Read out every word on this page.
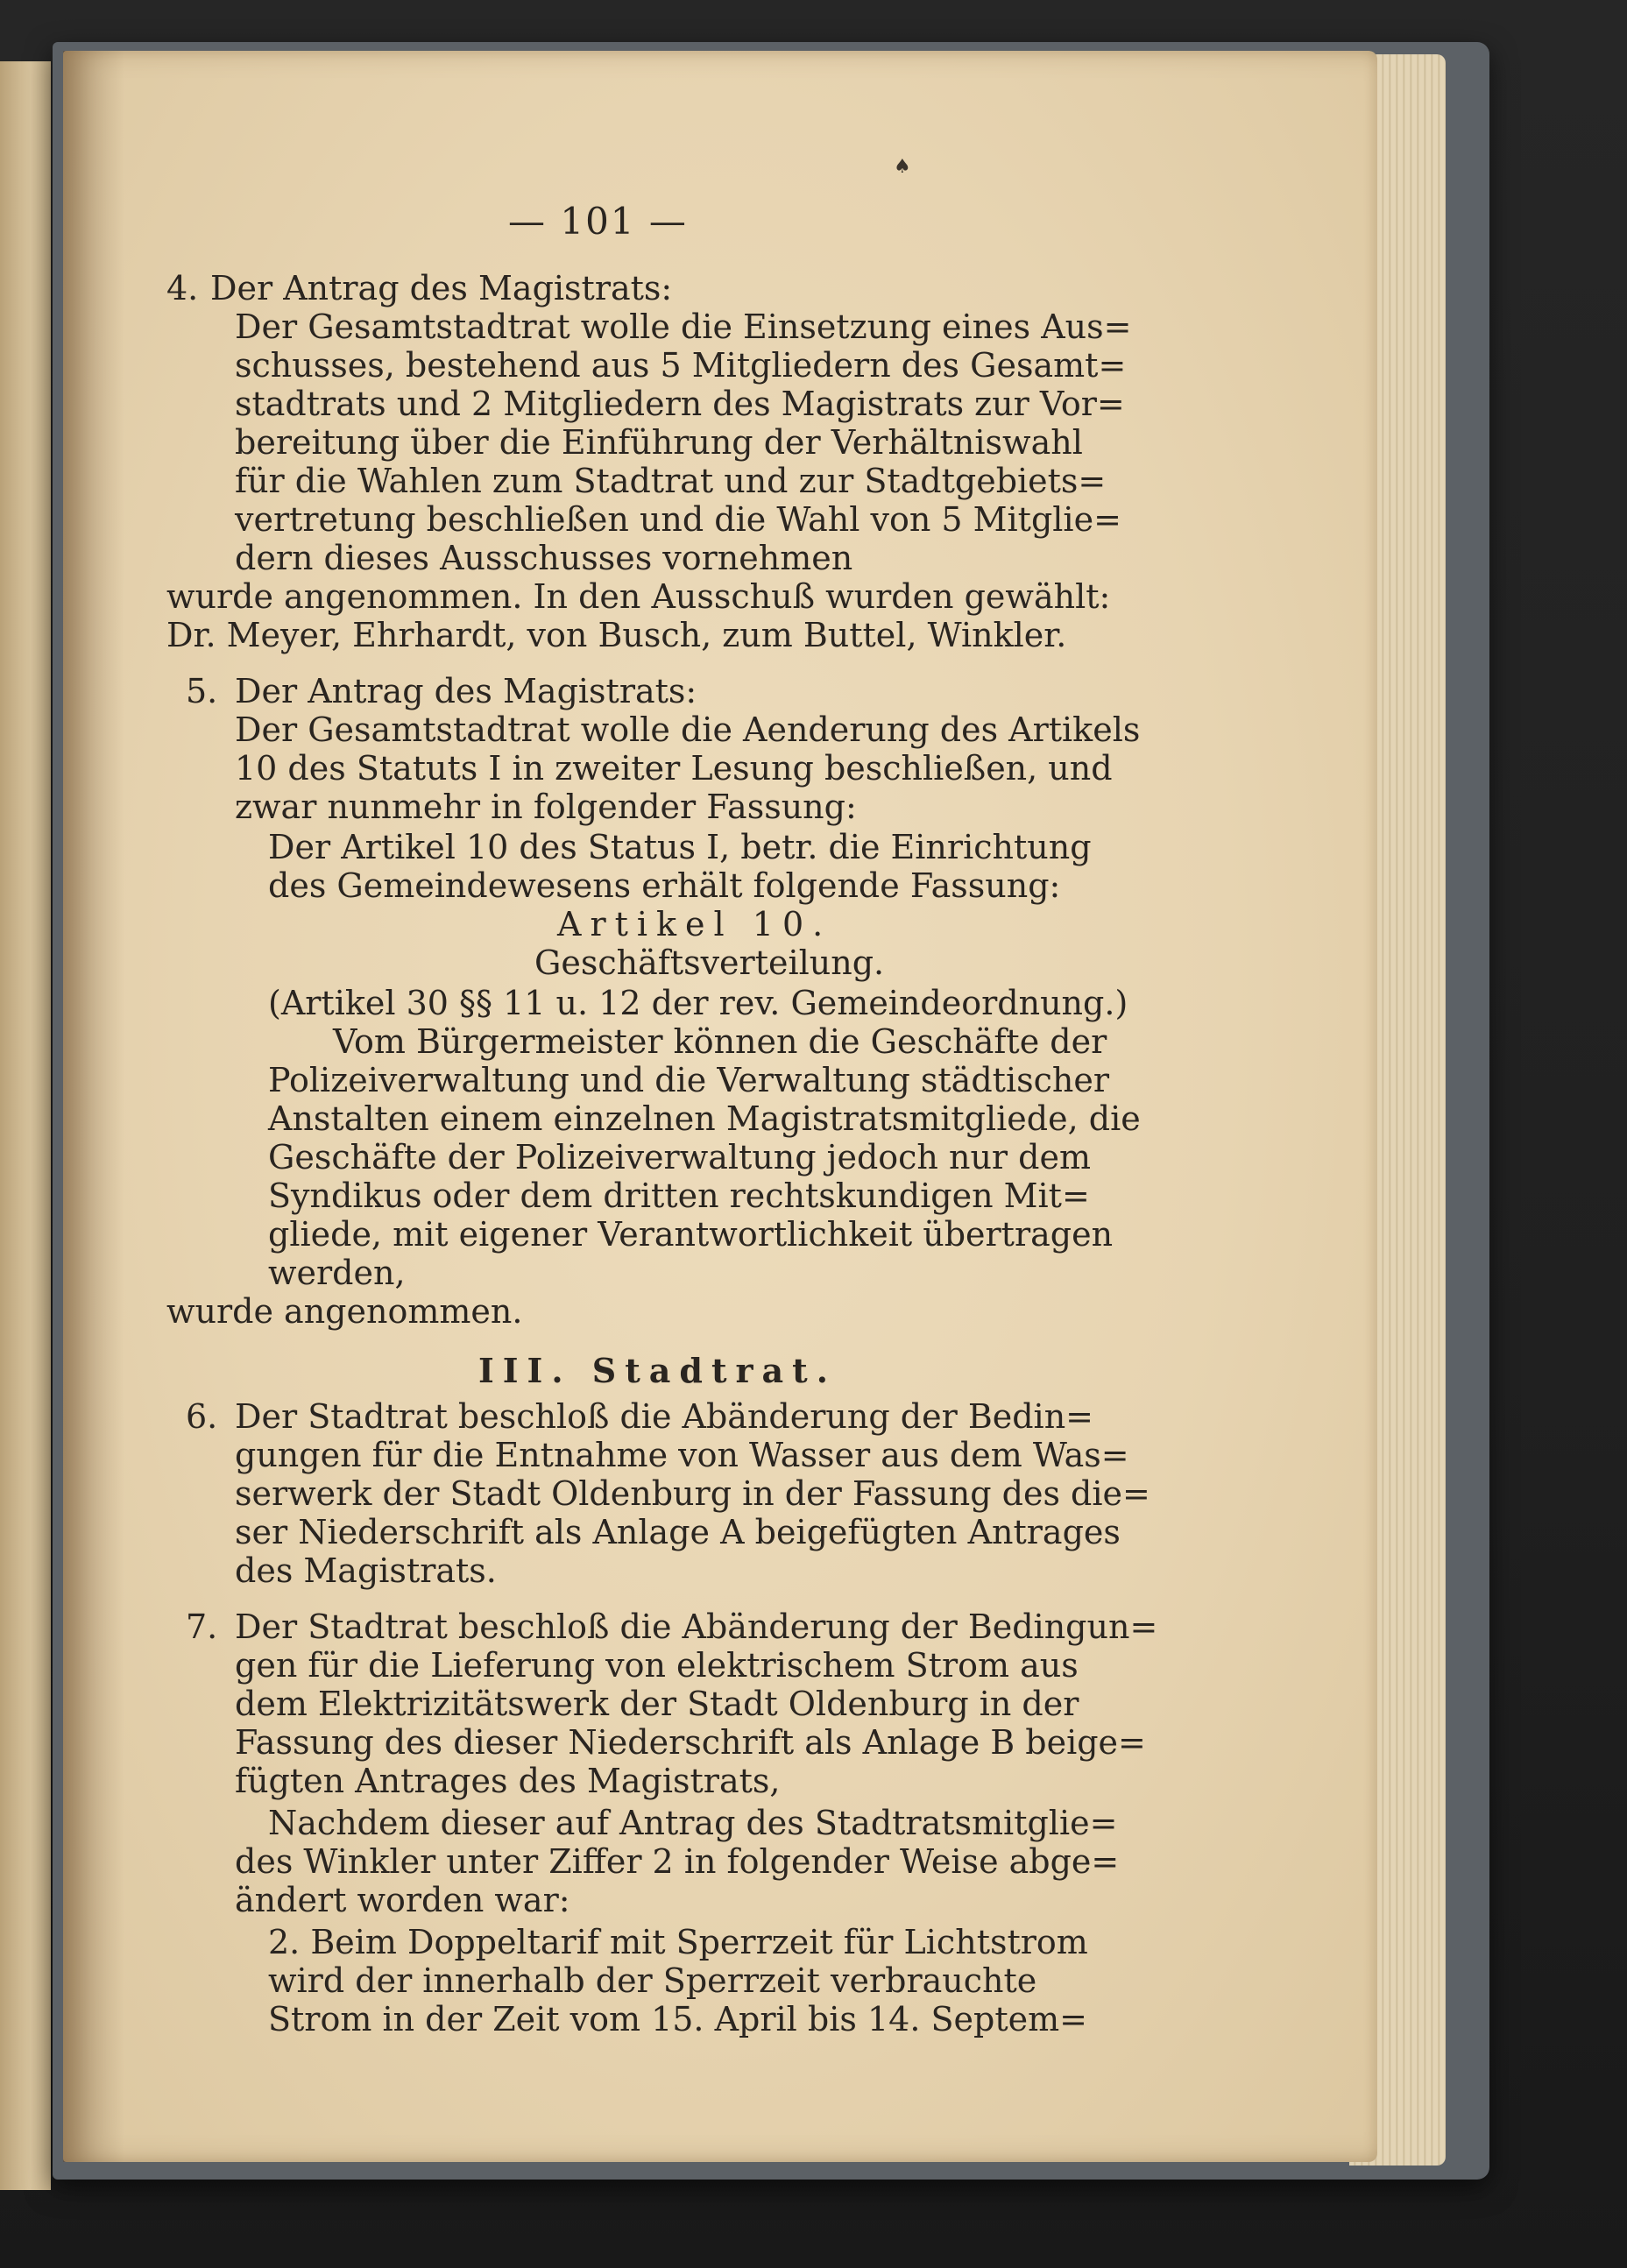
♠
— 101 —
4. Der Antrag des Magistrats:
Der Gesamtstadtrat wolle die Einsetzung eines Aus=
schusses, bestehend aus 5 Mitgliedern des Gesamt=
stadtrats und 2 Mitgliedern des Magistrats zur Vor=
bereitung über die Einführung der Verhältniswahl
für die Wahlen zum Stadtrat und zur Stadtgebiets=
vertretung beschließen und die Wahl von 5 Mitglie=
dern dieses Ausschusses vornehmen
wurde angenommen. In den Ausschuß wurden gewählt:
Dr. Meyer, Ehrhardt, von Busch, zum Buttel, Winkler.
5. Der Antrag des Magistrats:
Der Gesamtstadtrat wolle die Aenderung des Artikels
10 des Statuts I in zweiter Lesung beschließen, und
zwar nunmehr in folgender Fassung:
Der Artikel 10 des Status I, betr. die Einrichtung
des Gemeindewesens erhält folgende Fassung:
Artikel 10.
Geschäftsverteilung.
(Artikel 30 §§ 11 u. 12 der rev. Gemeindeordnung.)
Vom Bürgermeister können die Geschäfte der
Polizeiverwaltung und die Verwaltung städtischer
Anstalten einem einzelnen Magistratsmitgliede, die
Geschäfte der Polizeiverwaltung jedoch nur dem
Syndikus oder dem dritten rechtskundigen Mit=
gliede, mit eigener Verantwortlichkeit übertragen
werden,
wurde angenommen.
III. Stadtrat.
6. Der Stadtrat beschloß die Abänderung der Bedin=
gungen für die Entnahme von Wasser aus dem Was=
serwerk der Stadt Oldenburg in der Fassung des die=
ser Niederschrift als Anlage A beigefügten Antrages
des Magistrats.
7. Der Stadtrat beschloß die Abänderung der Bedingun=
gen für die Lieferung von elektrischem Strom aus
dem Elektrizitätswerk der Stadt Oldenburg in der
Fassung des dieser Niederschrift als Anlage B beige=
fügten Antrages des Magistrats,
Nachdem dieser auf Antrag des Stadtratsmitglie=
des Winkler unter Ziffer 2 in folgender Weise abge=
ändert worden war:
2. Beim Doppeltarif mit Sperrzeit für Lichtstrom
wird der innerhalb der Sperrzeit verbrauchte
Strom in der Zeit vom 15. April bis 14. Septem=
